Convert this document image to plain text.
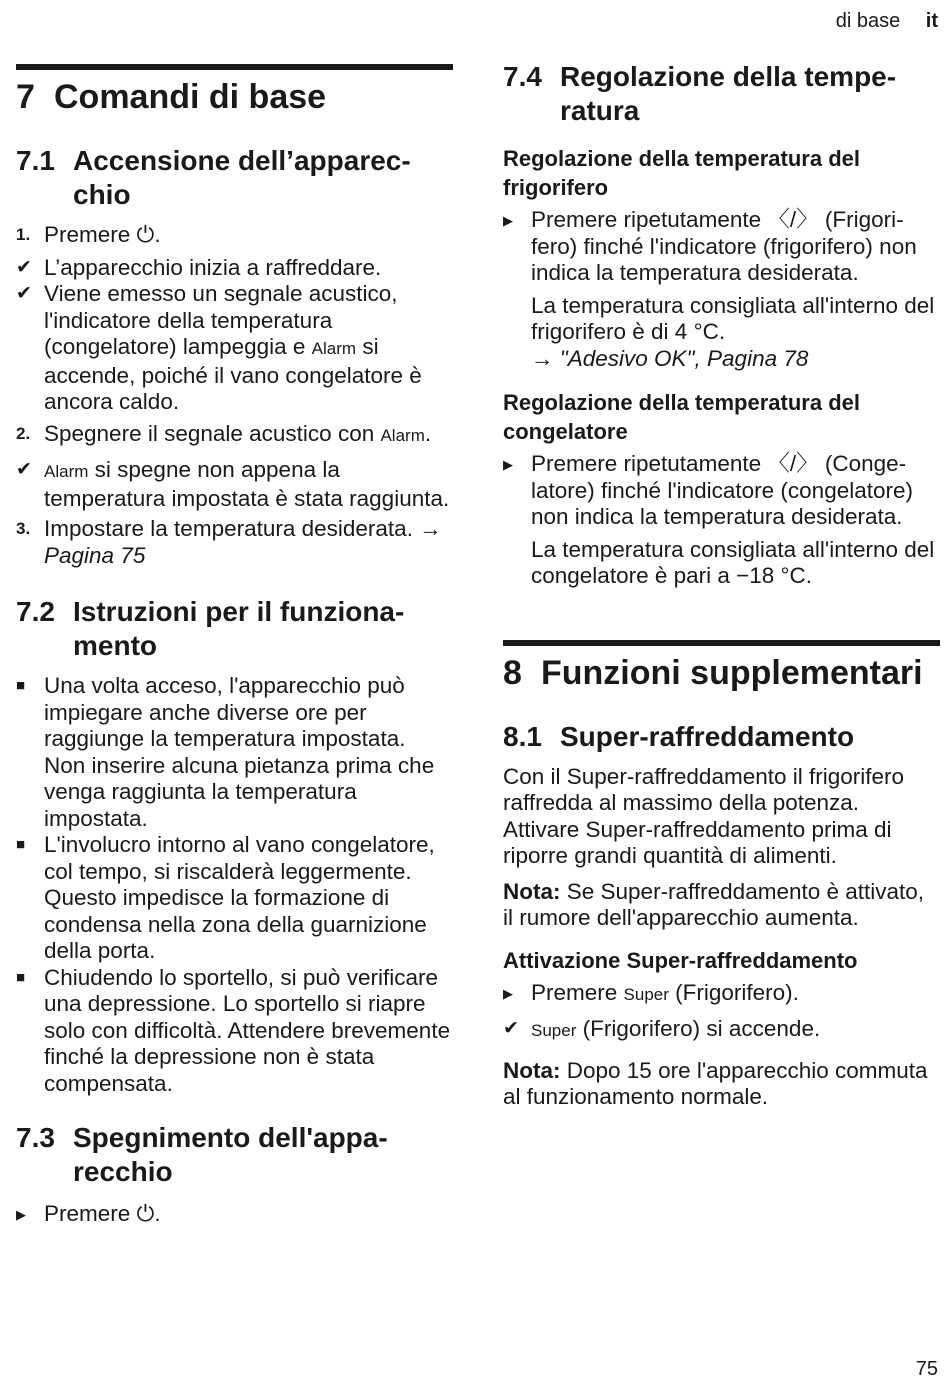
di base it
7 Comandi di base
7.1 Accensione dell’apparecchio
1. Premere ⏻.
✔ L’apparecchio inizia a raffreddare.
✔ Viene emesso un segnale acustico, l'indicatore della temperatura (congelatore) lampeggia e Alarm si accende, poiché il vano congelatore è ancora caldo.
2. Spegnere il segnale acustico con Alarm.
✔ Alarm si spegne non appena la temperatura impostata è stata raggiunta.
3. Impostare la temperatura desiderata. → Pagina 75
7.2 Istruzioni per il funzionamento
■ Una volta acceso, l'apparecchio può impiegare anche diverse ore per raggiunge la temperatura impostata.
Non inserire alcuna pietanza prima che venga raggiunta la temperatura impostata.
■ L'involucro intorno al vano congelatore, col tempo, si riscalderà leggermente. Questo impedisce la formazione di condensa nella zona della guarnizione della porta.
■ Chiudendo lo sportello, si può verificare una depressione. Lo sportello si riapre solo con difficoltà. Attendere brevemente finché la depressione non è stata compensata.
7.3 Spegnimento dell'apparecchio
▶ Premere ⏻.
7.4 Regolazione della temperatura
Regolazione della temperatura del frigorifero
▶ Premere ripetutamente 〈/〉 (Frigorifero) finché l'indicatore (frigorifero) non indica la temperatura desiderata.
La temperatura consigliata all'interno del frigorifero è di 4 °C.
→ "Adesivo OK", Pagina 78
Regolazione della temperatura del congelatore
▶ Premere ripetutamente 〈/〉 (Congelatore) finché l'indicatore (congelatore) non indica la temperatura desiderata.
La temperatura consigliata all'interno del congelatore è pari a −18 °C.
8 Funzioni supplementari
8.1 Super-raffreddamento

Con il Super-raffreddamento il frigorifero raffredda al massimo della potenza.

Attivare Super-raffreddamento prima di riporre grandi quantità di alimenti.

Nota: Se Super-raffreddamento è attivato, il rumore dell'apparecchio aumenta.

Attivazione Super-raffreddamento
▶ Premere Super (Frigorifero).
✔ Super (Frigorifero) si accende.

Nota: Dopo 15 ore l'apparecchio commuta al funzionamento normale.

75
